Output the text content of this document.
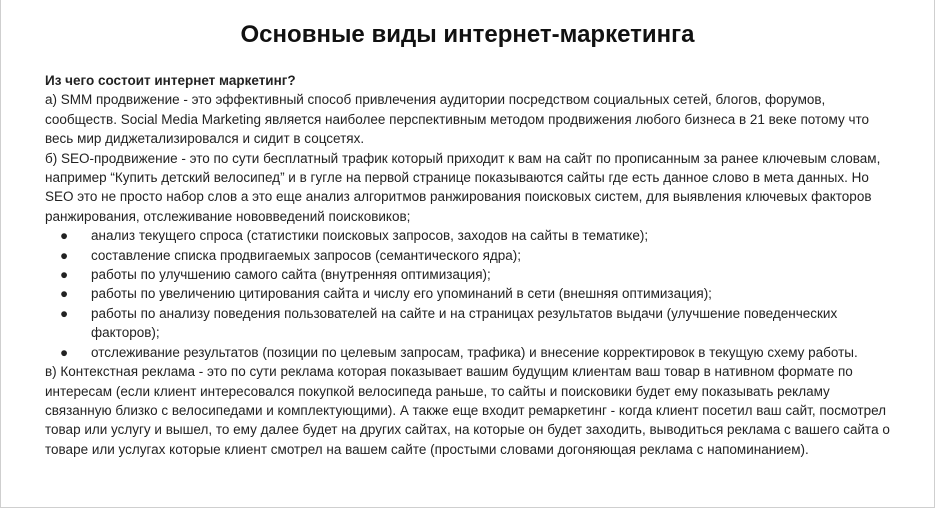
Основные виды интернет-маркетинга

Из чего состоит интернет маркетинг?

а) SMM продвижение - это эффективный способ привлечения аудитории посредством социальных сетей, блогов, форумов, сообществ. Social Media Marketing является наиболее перспективным методом продвижения любого бизнеса в 21 веке потому что весь мир диджетализировался и сидит в соцсетях.

б) SEO-продвижение - это по сути бесплатный трафик который приходит к вам на сайт по прописанным за ранее ключевым словам, например “Купить детский велосипед” и в гугле на первой странице показываются сайты где есть данное слово в мета данных. Но SEO это не просто набор слов а это еще анализ алгоритмов ранжирования поисковых систем, для выявления ключевых факторов ранжирования, отслеживание нововведений поисковиков;

● анализ текущего спроса (статистики поисковых запросов, заходов на сайты в тематике);
● составление списка продвигаемых запросов (семантического ядра);
● работы по улучшению самого сайта (внутренняя оптимизация);
● работы по увеличению цитирования сайта и числу его упоминаний в сети (внешняя оптимизация);
● работы по анализу поведения пользователей на сайте и на страницах результатов выдачи (улучшение поведенческих факторов);
● отслеживание результатов (позиции по целевым запросам, трафика) и внесение корректировок в текущую схему работы.

в) Контекстная реклама - это по сути реклама которая показывает вашим будущим клиентам ваш товар в нативном формате по интересам (если клиент интересовался покупкой велосипеда раньше, то сайты и поисковики будет ему показывать рекламу связанную близко с велосипедами и комплектующими). А также еще входит ремаркетинг - когда клиент посетил ваш сайт, посмотрел товар или услугу и вышел, то ему далее будет на других сайтах, на которые он будет заходить, выводиться реклама с вашего сайта о товаре или услугах которые клиент смотрел на вашем сайте (простыми словами догоняющая реклама с напоминанием).
